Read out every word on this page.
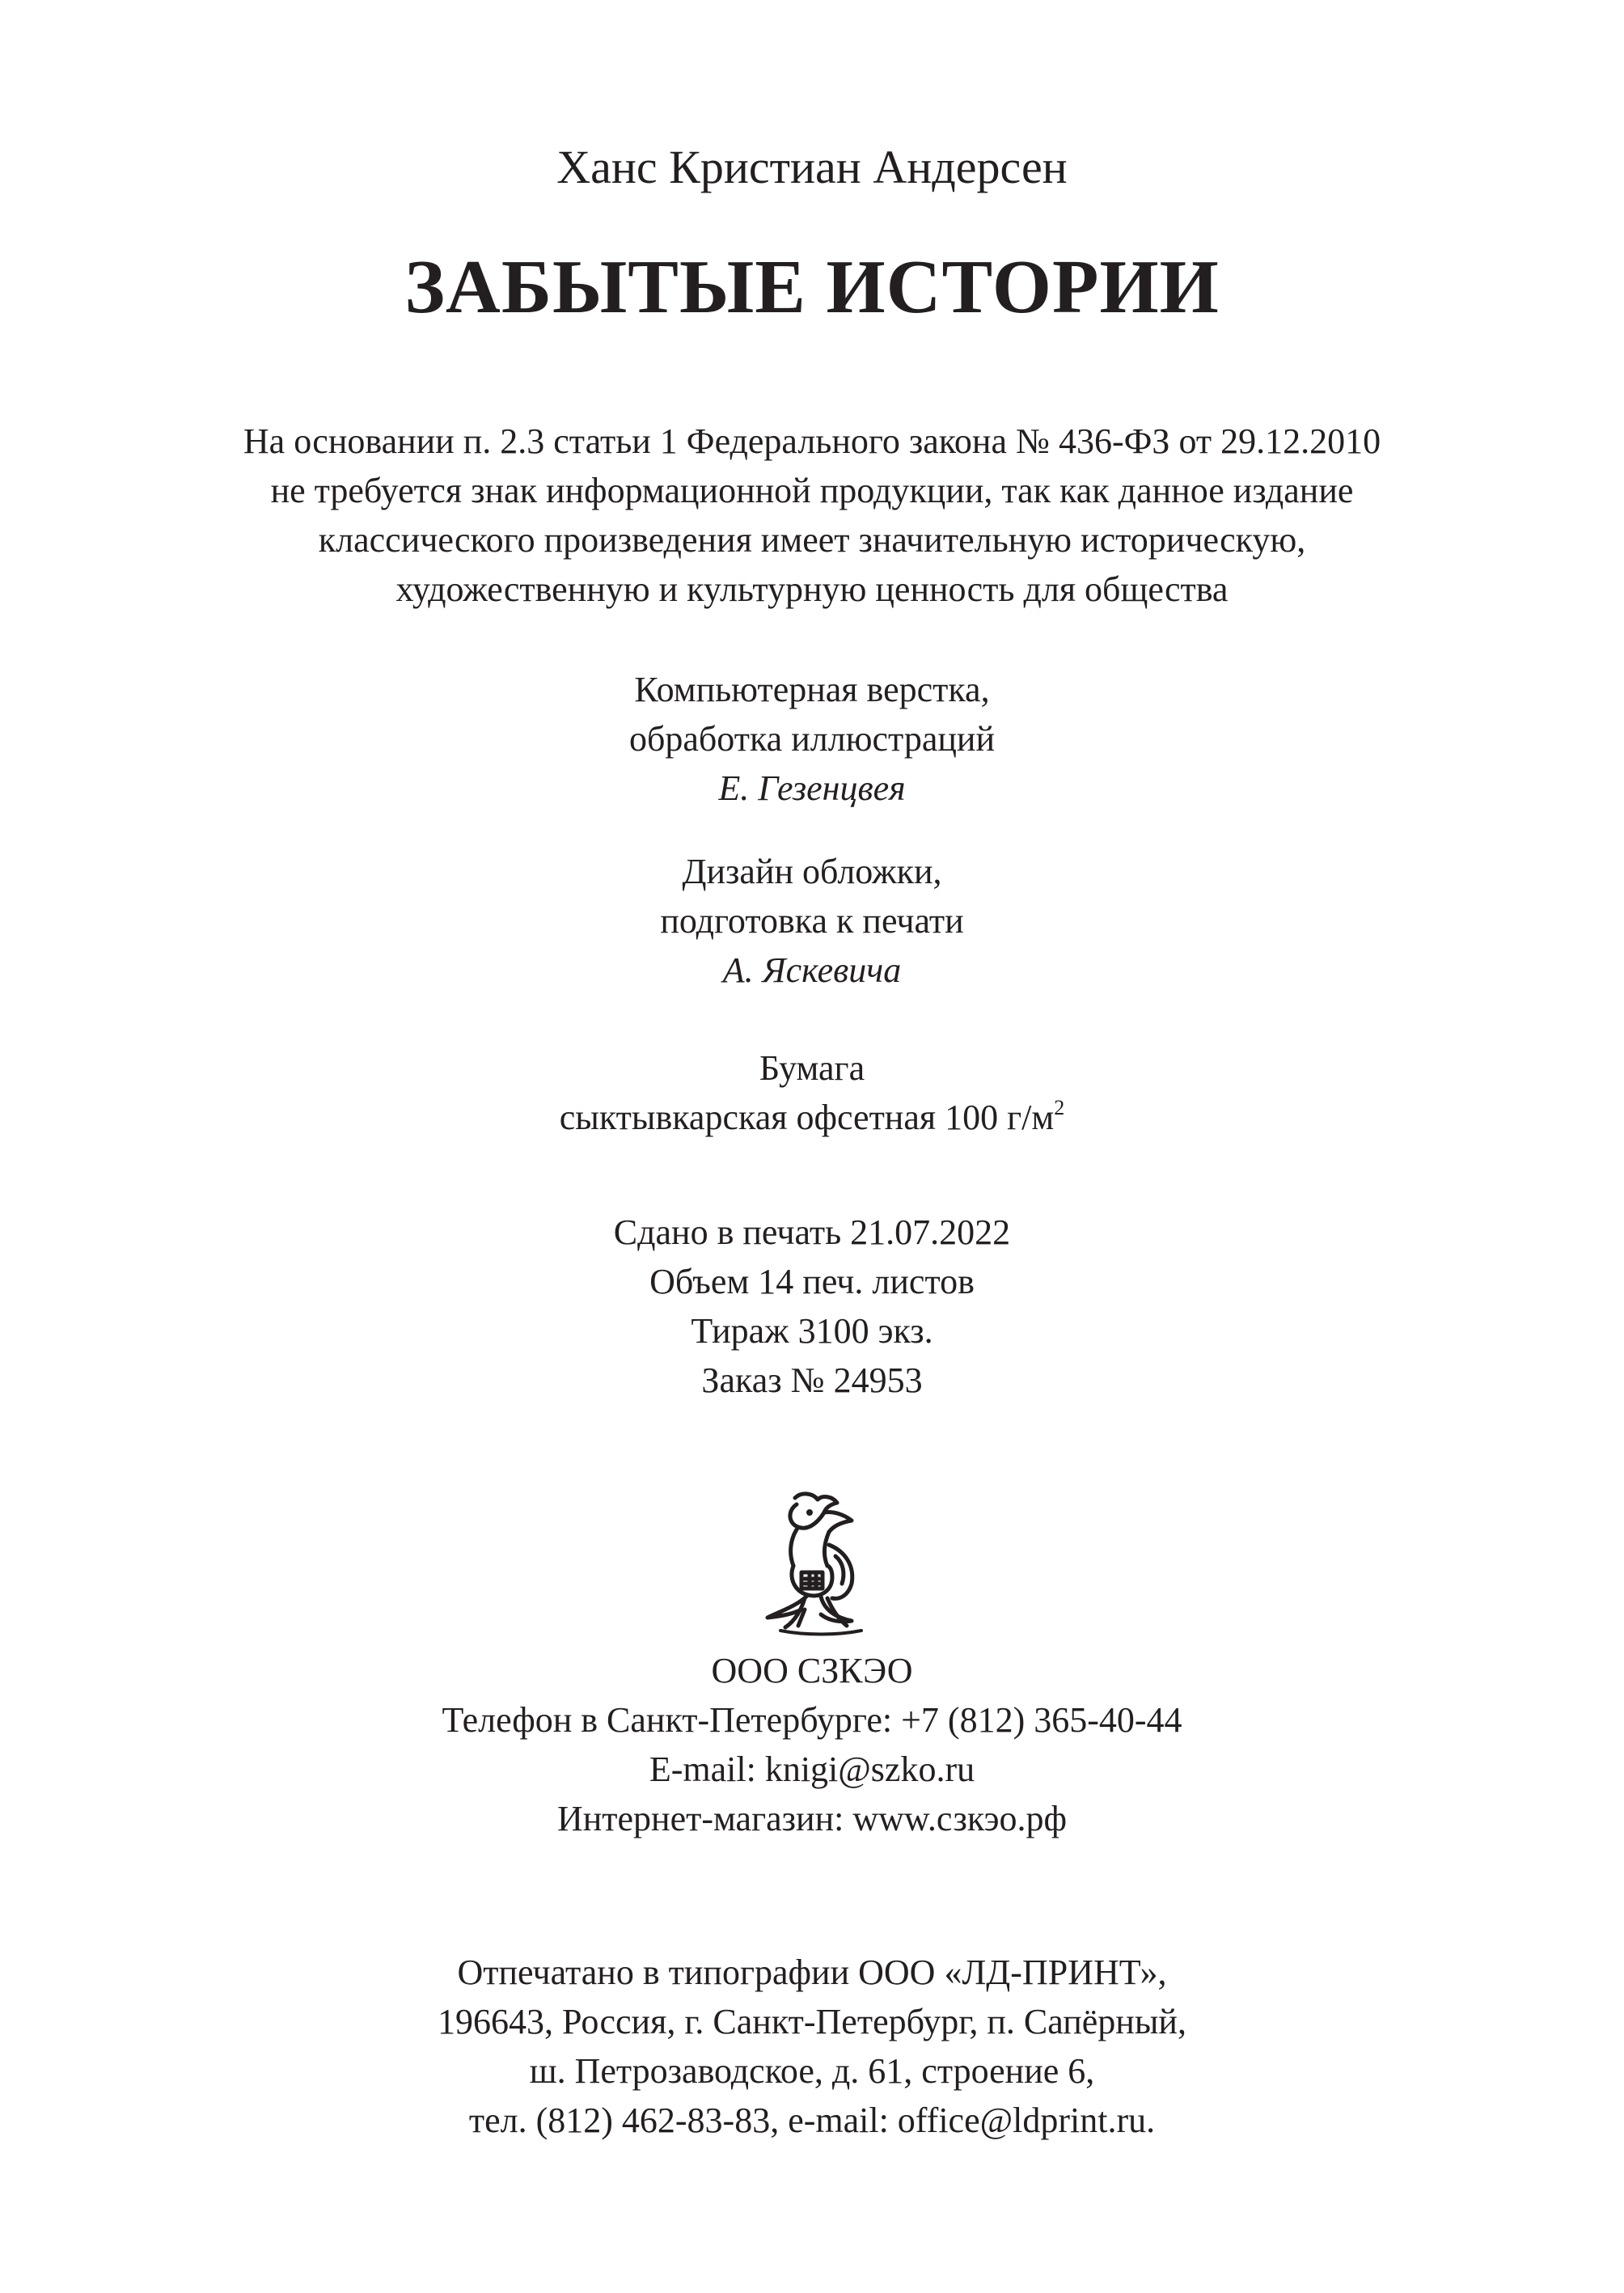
Ханс Кристиан Андерсен
ЗАБЫТЫЕ ИСТОРИИ
На основании п. 2.3 статьи 1 Федерального закона № 436-ФЗ от 29.12.2010
не требуется знак информационной продукции, так как данное издание
классического произведения имеет значительную историческую,
художественную и культурную ценность для общества
Компьютерная верстка,
обработка иллюстраций
Е. Гезенцвея
Дизайн обложки,
подготовка к печати
А. Яскевича
Бумага
сыктывкарская офсетная 100 $г/м^2$
Сдано в печать 21.07.2022
Объем 14 печ. листов
Тираж 3100 экз.
Заказ № 24953
ООО СЗКЭО
Телефон в Санкт-Петербурге: +7 (812) 365-40-44
E-mail: knigi@szko.ru
Интернет-магазин: www.сзкэо.рф
Отпечатано в типографии ООО «ЛД-ПРИНТ»,
196643, Россия, г. Санкт-Петербург, п. Сапёрный,
ш. Петрозаводское, д. 61, строение 6,
тел. (812) 462-83-83, e-mail: office@ldprint.ru.
